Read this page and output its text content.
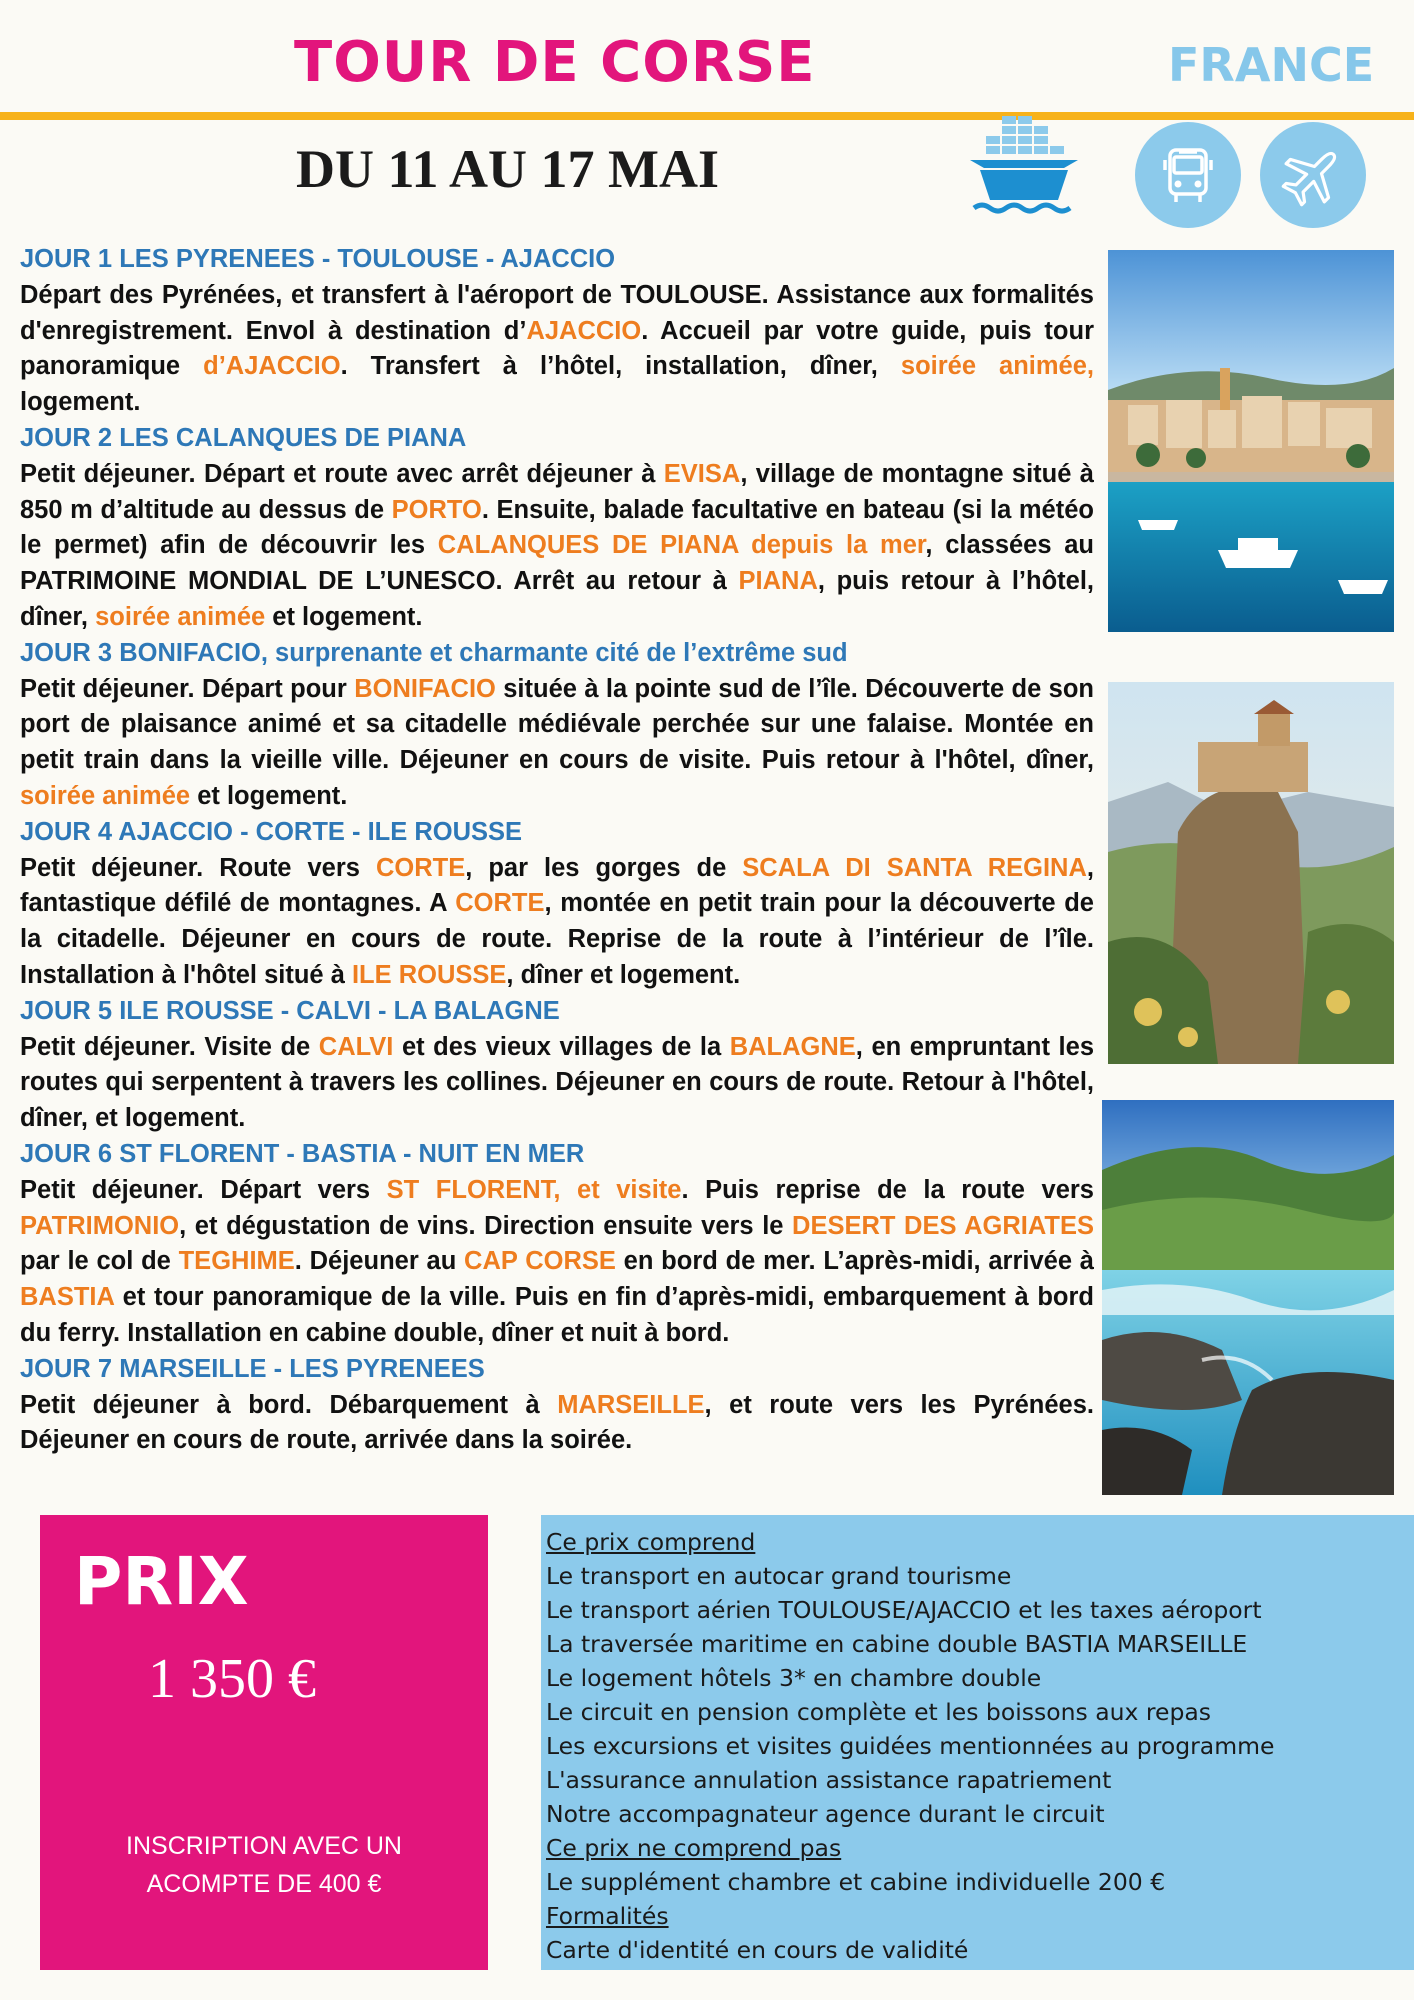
TOUR DE CORSE	FRANCE
DU 11 AU 17 MAI
JOUR 1 LES PYRENEES - TOULOUSE - AJACCIO

Départ des Pyrénées, et transfert à l'aéroport de TOULOUSE. Assistance aux formalités d'enregistrement. Envol à destination d’AJACCIO. Accueil par votre guide, puis tour panoramique d’AJACCIO. Transfert à l’hôtel, installation, dîner, soirée animée, logement.

JOUR 2 LES CALANQUES DE PIANA

Petit déjeuner. Départ et route avec arrêt déjeuner à EVISA, village de montagne situé à 850 m d’altitude au dessus de PORTO. Ensuite, balade facultative en bateau (si la météo le permet) afin de découvrir les CALANQUES DE PIANA depuis la mer, classées au PATRIMOINE MONDIAL DE L’UNESCO. Arrêt au retour à PIANA, puis retour à l’hôtel, dîner, soirée animée et logement.

JOUR 3 BONIFACIO, surprenante et charmante cité de l’extrême sud

Petit déjeuner. Départ pour BONIFACIO située à la pointe sud de l’île. Découverte de son port de plaisance animé et sa citadelle médiévale perchée sur une falaise. Montée en petit train dans la vieille ville. Déjeuner en cours de visite. Puis retour à l'hôtel, dîner, soirée animée et logement.

JOUR 4 AJACCIO - CORTE - ILE ROUSSE

Petit déjeuner. Route vers CORTE, par les gorges de SCALA DI SANTA REGINA, fantastique défilé de montagnes. A CORTE, montée en petit train pour la découverte de la citadelle. Déjeuner en cours de route. Reprise de la route à l’intérieur de l’île. Installation à l'hôtel situé à ILE ROUSSE, dîner et logement.

JOUR 5 ILE ROUSSE - CALVI - LA BALAGNE

Petit déjeuner. Visite de CALVI et des vieux villages de la BALAGNE, en empruntant les routes qui serpentent à travers les collines. Déjeuner en cours de route. Retour à l'hôtel, dîner, et logement.

JOUR 6 ST FLORENT - BASTIA - NUIT EN MER

Petit déjeuner. Départ vers ST FLORENT, et visite. Puis reprise de la route vers PATRIMONIO, et dégustation de vins. Direction ensuite vers le DESERT DES AGRIATES par le col de TEGHIME. Déjeuner au CAP CORSE en bord de mer. L’après-midi, arrivée à BASTIA et tour panoramique de la ville. Puis en fin d’après-midi, embarquement à bord du ferry. Installation en cabine double, dîner et nuit à bord.

JOUR 7 MARSEILLE - LES PYRENEES

Petit déjeuner à bord. Débarquement à MARSEILLE, et route vers les Pyrénées. Déjeuner en cours de route, arrivée dans la soirée.

PRIX

1 350 €

INSCRIPTION AVEC UN
ACOMPTE DE 400 €

Ce prix comprend
Le transport en autocar grand tourisme
Le transport aérien TOULOUSE/AJACCIO et les taxes aéroport
La traversée maritime en cabine double BASTIA MARSEILLE
Le logement hôtels 3* en chambre double
Le circuit en pension complète et les boissons aux repas
Les excursions et visites guidées mentionnées au programme
L'assurance annulation assistance rapatriement
Notre accompagnateur agence durant le circuit
Ce prix ne comprend pas
Le supplément chambre et cabine individuelle 200 €
Formalités
Carte d'identité en cours de validité
